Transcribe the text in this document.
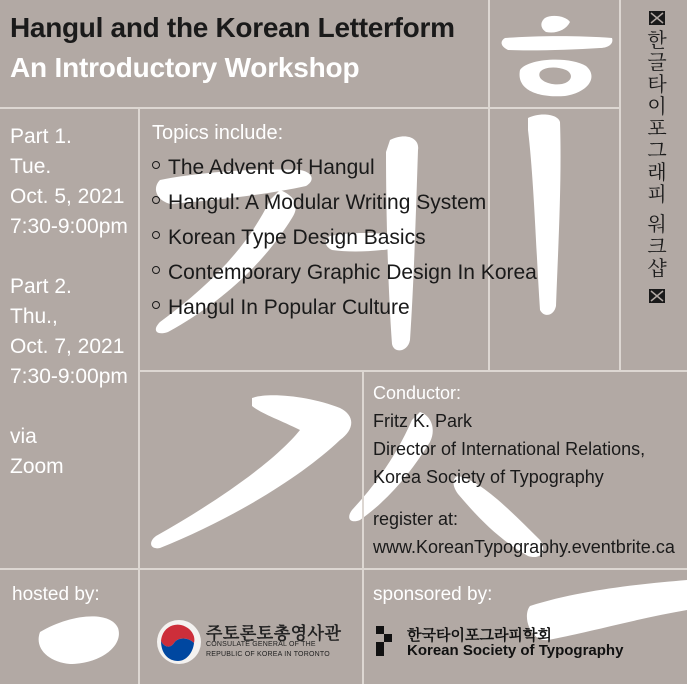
Hangul and the Korean Letterform
An Introductory Workshop
한
글
타
이
포
그
래
피
워
크
샵
Part 1.
Tue.
Oct. 5, 2021
7:30-9:00pm
Part 2.
Thu.,
Oct. 7, 2021
7:30-9:00pm
via
Zoom
Topics include:
The Advent Of Hangul
Hangul: A Modular Writing System
Korean Type Design Basics
Contemporary Graphic Design In Korea
Hangul In Popular Culture
Conductor:
Fritz K. Park
Director of International Relations,
Korea Society of Typography
register at:
www.KoreanTypography.eventbrite.ca
hosted by:	sponsored by:
주토론토총영사관
CONSULATE GENERAL OF THE
REPUBLIC OF KOREA IN TORONTO
한국타이포그라피학회
Korean Society of Typography
